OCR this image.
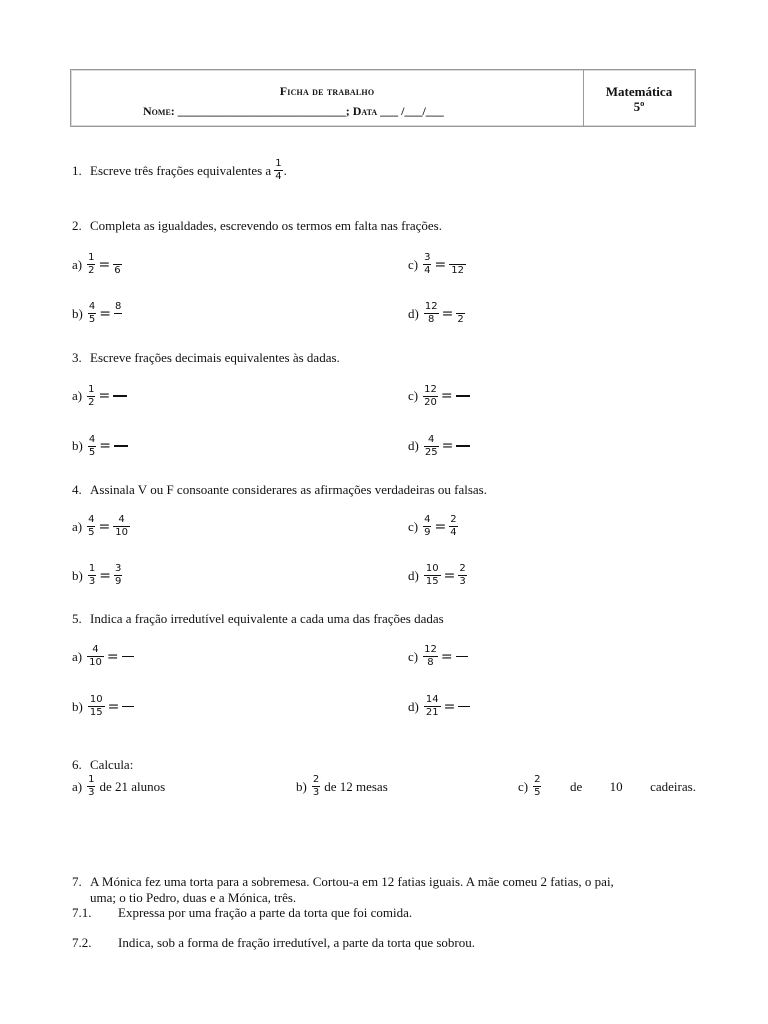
Ficha de trabalho
Nome: ____________________________; Data ___ /___/___
Matemática
5º
1. Escreve três frações equivalentes a $\frac{1}{4}$ .
2. Completa as igualdades, escrevendo os termos em falta nas frações.
$a) \frac{1}{2} = 6$	$c) \frac{3}{4} = 12$
$b) \frac{4}{5} = 8$	$d) \frac{12}{8} = 2$
3. Escreve frações decimais equivalentes às dadas.
$a) \frac{1}{2}$ =	$c) \frac{12}{20}$ =
$b) \frac{4}{5}$ =	$d) \frac{4}{25}$ =
4. Assinala V ou F consoante considerares as afirmações verdadeiras ou falsas.
$a) \frac{4}{5} = \frac{4}{10}$	$c) \frac{4}{9} = \frac{2}{4}$
$b) \frac{1}{3} = \frac{3}{9}$	$d) \frac{10}{15} = \frac{2}{3}$
5. Indica a fração irredutível equivalente a cada uma das frações dadas
$a) \frac{4}{10}$ =	$c) \frac{12}{8}$ =
$b) \frac{10}{15}$ =	$d) \frac{14}{21}$ =
6. Calcula:
$a) \frac{1}{3}$ de 21 alunos	$b) \frac{2}{3}$ de 12 mesas	$c) \frac{2}{5}$ de 10 cadeiras.
7. A Mónica fez uma torta para a sobremesa. Cortou-a em 12 fatias iguais. A mãe comeu 2 fatias, o pai,
uma; o tio Pedro, duas e a Mónica, três.
7.1. Expressa por uma fração a parte da torta que foi comida.
7.2. Indica, sob a forma de fração irredutível, a parte da torta que sobrou.
